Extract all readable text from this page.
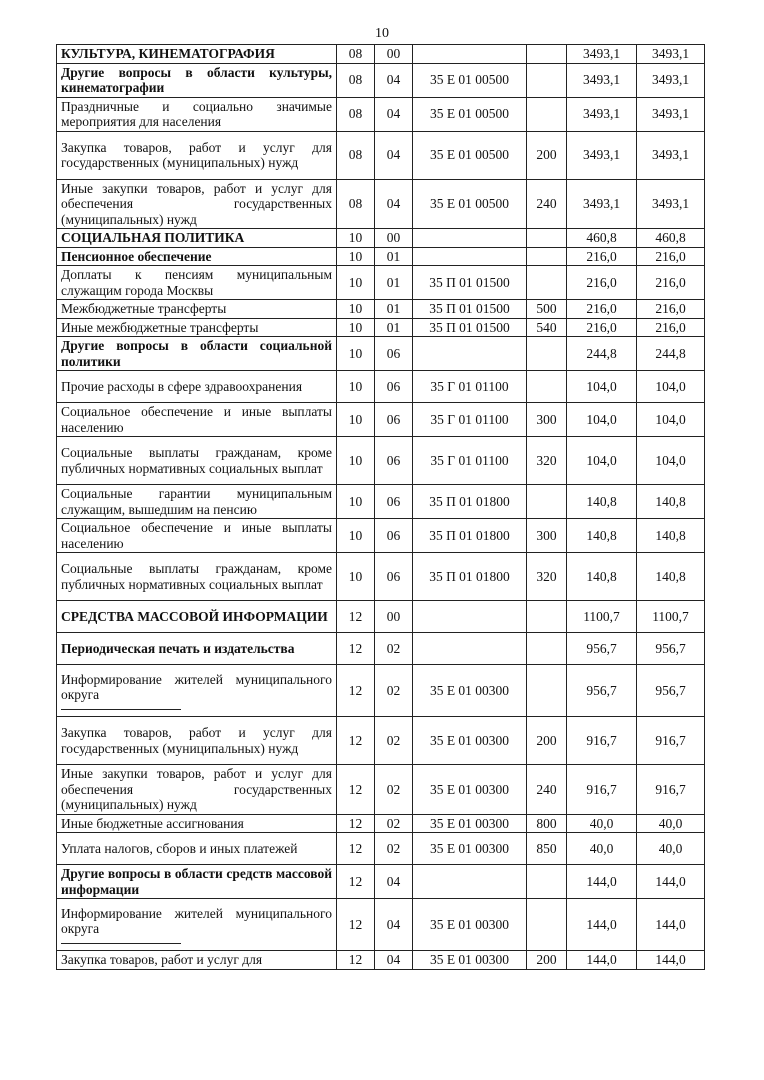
10
КУЛЬТУРА, КИНЕМАТОГРАФИЯ	08	00			3493,1	3493,1
Другие вопросы в области культуры, кинематографии	08	04	35 Е 01 00500		3493,1	3493,1
Праздничные и социально значимые мероприятия для населения	08	04	35 Е 01 00500		3493,1	3493,1
Закупка товаров, работ и услуг для государственных (муниципальных) нужд	08	04	35 Е 01 00500	200	3493,1	3493,1
Иные закупки товаров, работ и услуг для обеспечения государственных (муниципальных) нужд	08	04	35 Е 01 00500	240	3493,1	3493,1
СОЦИАЛЬНАЯ ПОЛИТИКА	10	00			460,8	460,8
Пенсионное обеспечение	10	01			216,0	216,0
Доплаты к пенсиям муниципальным служащим города Москвы	10	01	35 П 01 01500		216,0	216,0
Межбюджетные трансферты	10	01	35 П 01 01500	500	216,0	216,0
Иные межбюджетные трансферты	10	01	35 П 01 01500	540	216,0	216,0
Другие вопросы в области социальной политики	10	06			244,8	244,8
Прочие расходы в сфере здравоохранения	10	06	35 Г 01 01100		104,0	104,0
Социальное обеспечение и иные выплаты населению	10	06	35 Г 01 01100	300	104,0	104,0
Социальные выплаты гражданам, кроме публичных нормативных социальных выплат	10	06	35 Г 01 01100	320	104,0	104,0
Социальные гарантии муниципальным служащим, вышедшим на пенсию	10	06	35 П 01 01800		140,8	140,8
Социальное обеспечение и иные выплаты населению	10	06	35 П 01 01800	300	140,8	140,8
Социальные выплаты гражданам, кроме публичных нормативных социальных выплат	10	06	35 П 01 01800	320	140,8	140,8
СРЕДСТВА МАССОВОЙ ИНФОРМАЦИИ	12	00			1100,7	1100,7
Периодическая печать и издательства	12	02			956,7	956,7
Информирование жителей муниципального округа	12	02	35 Е 01 00300		956,7	956,7
Закупка товаров, работ и услуг для государственных (муниципальных) нужд	12	02	35 Е 01 00300	200	916,7	916,7
Иные закупки товаров, работ и услуг для обеспечения государственных (муниципальных) нужд	12	02	35 Е 01 00300	240	916,7	916,7
Иные бюджетные ассигнования	12	02	35 Е 01 00300	800	40,0	40,0
Уплата налогов, сборов и иных платежей	12	02	35 Е 01 00300	850	40,0	40,0
Другие вопросы в области средств массовой информации	12	04			144,0	144,0
Информирование жителей муниципального округа	12	04	35 Е 01 00300		144,0	144,0
Закупка товаров, работ и услуг для	12	04	35 Е 01 00300	200	144,0	144,0
